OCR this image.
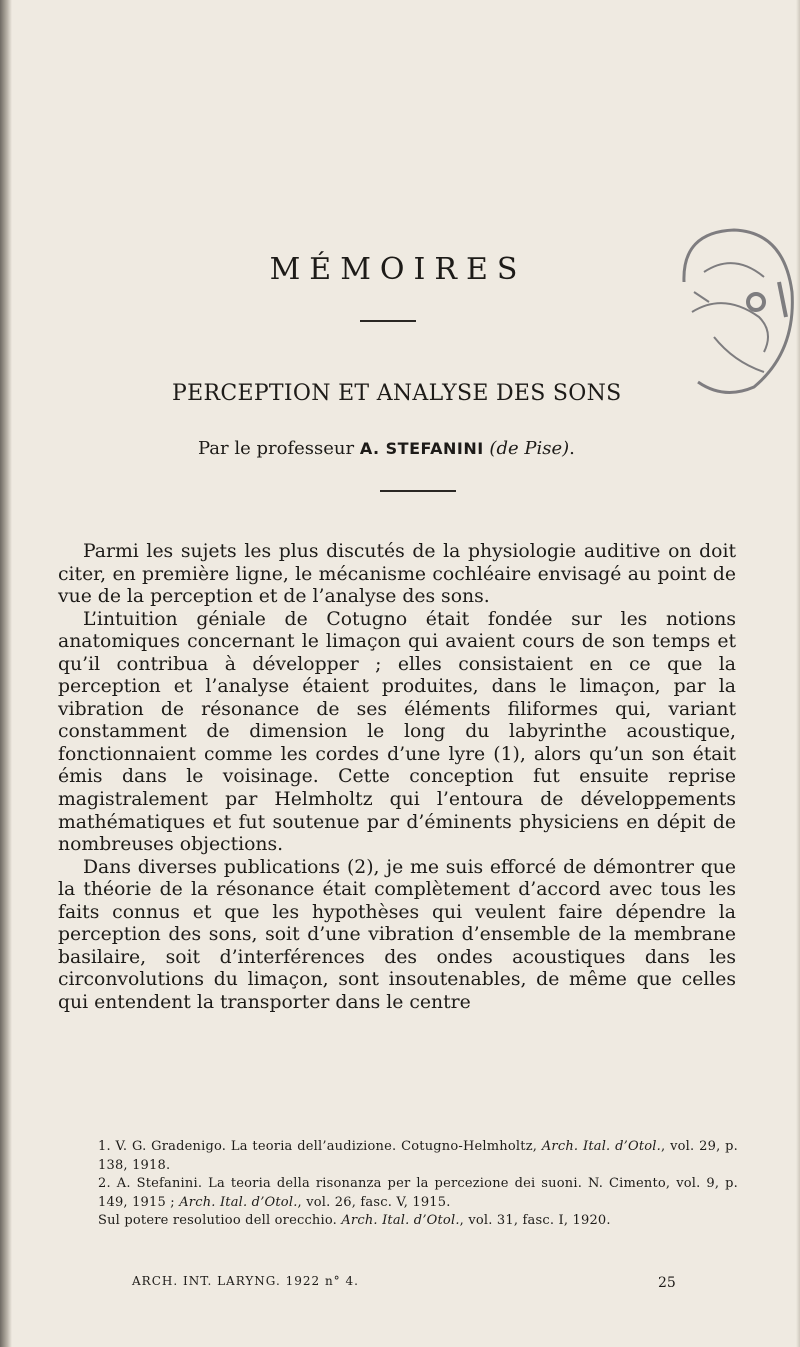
MÉMOIRES
PERCEPTION ET ANALYSE DES SONS
Par le professeur A. STEFANINI (de Pise).

Parmi les sujets les plus discutés de la physiologie auditive on doit citer, en première ligne, le mécanisme cochléaire envisagé au point de vue de la perception et de l’analyse des sons.

L’intuition géniale de Cotugno était fondée sur les notions anatomiques concernant le limaçon qui avaient cours de son temps et qu’il contribua à développer ; elles consistaient en ce que la perception et l’analyse étaient produites, dans le limaçon, par la vibration de résonance de ses éléments filiformes qui, variant constamment de dimension le long du labyrinthe acoustique, fonctionnaient comme les cordes d’une lyre (1), alors qu’un son était émis dans le voisinage. Cette conception fut ensuite reprise magistralement par Helmholtz qui l’entoura de développements mathématiques et fut soutenue par d’éminents physiciens en dépit de nombreuses objections.

Dans diverses publications (2), je me suis efforcé de démontrer que la théorie de la résonance était complètement d’accord avec tous les faits connus et que les hypothèses qui veulent faire dépendre la perception des sons, soit d’une vibration d’ensemble de la membrane basilaire, soit d’interférences des ondes acoustiques dans les circonvolutions du limaçon, sont insoutenables, de même que celles qui entendent la transporter dans le centre

1. V. G. Gradenigo. La teoria dell’audizione. Cotugno-Helmholtz, Arch. Ital. d’Otol., vol. 29, p. 138, 1918.

2. A. Stefanini. La teoria della risonanza per la percezione dei suoni. N. Cimento, vol. 9, p. 149, 1915 ; Arch. Ital. d’Otol., vol. 26, fasc. V, 1915.

Sul potere resolutioo dell orecchio. Arch. Ital. d’Otol., vol. 31, fasc. I, 1920.

ARCH. INT. LARYNG. 1922 n° 4.	25
